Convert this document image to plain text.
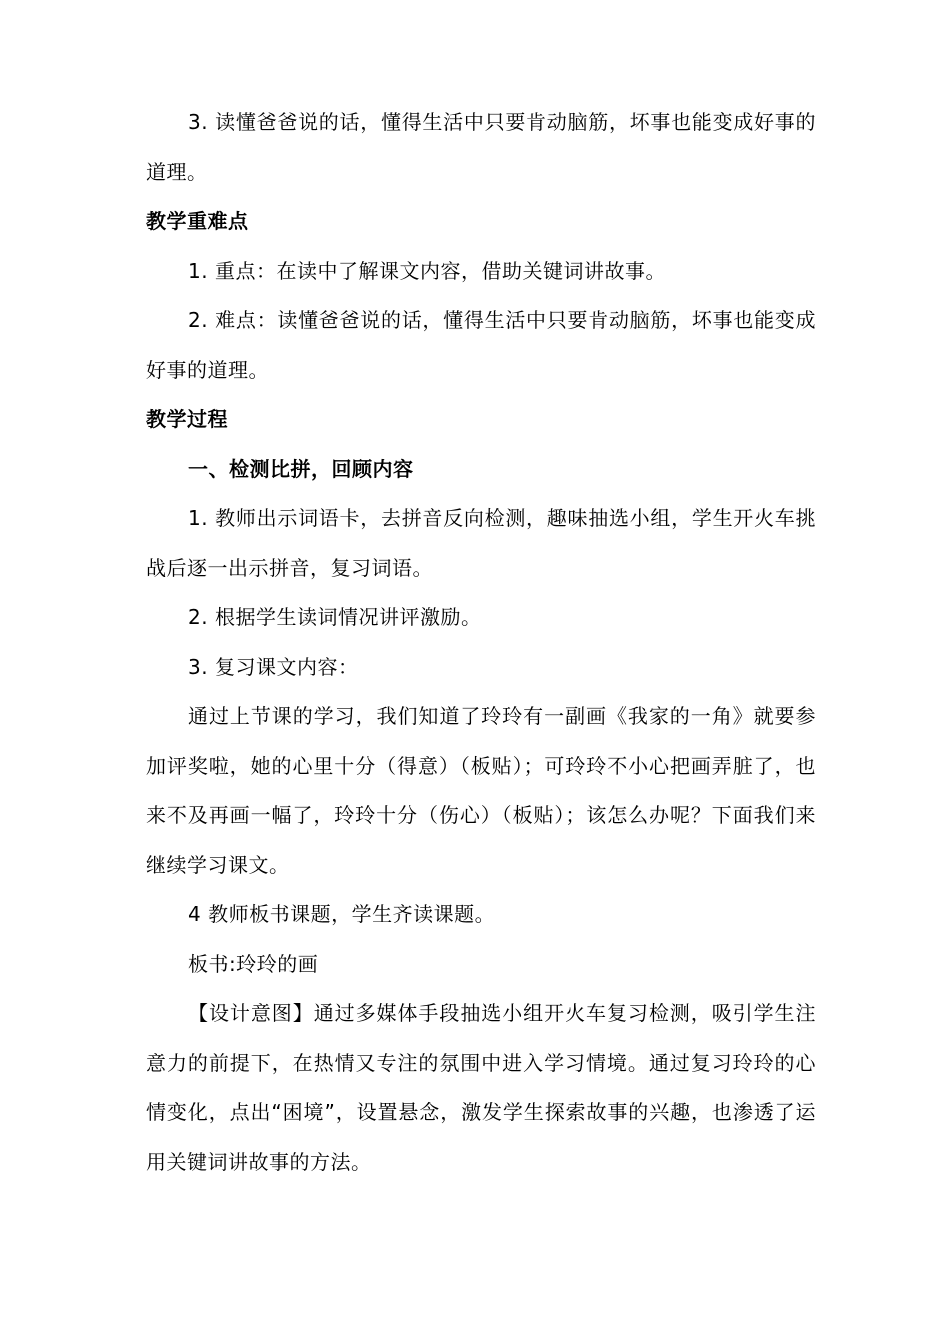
3. 读懂爸爸说的话，懂得生活中只要肯动脑筋，坏事也能变成好事的道理。

教学重难点

1. 重点：在读中了解课文内容，借助关键词讲故事。

2. 难点：读懂爸爸说的话，懂得生活中只要肯动脑筋，坏事也能变成好事的道理。

教学过程

一、检测比拼，回顾内容

1. 教师出示词语卡，去拼音反向检测，趣味抽选小组，学生开火车挑战后逐一出示拼音，复习词语。

2. 根据学生读词情况讲评激励。

3. 复习课文内容：

通过上节课的学习，我们知道了玲玲有一副画《我家的一角》就要参加评奖啦，她的心里十分（得意）（板贴）；可玲玲不小心把画弄脏了，也来不及再画一幅了，玲玲十分（伤心）（板贴）；该怎么办呢？下面我们来继续学习课文。

4 教师板书课题，学生齐读课题。

板书:玲玲的画

【设计意图】通过多媒体手段抽选小组开火车复习检测，吸引学生注意力的前提下，在热情又专注的氛围中进入学习情境。通过复习玲玲的心情变化，点出“困境”，设置悬念，激发学生探索故事的兴趣，也渗透了运用关键词讲故事的方法。
